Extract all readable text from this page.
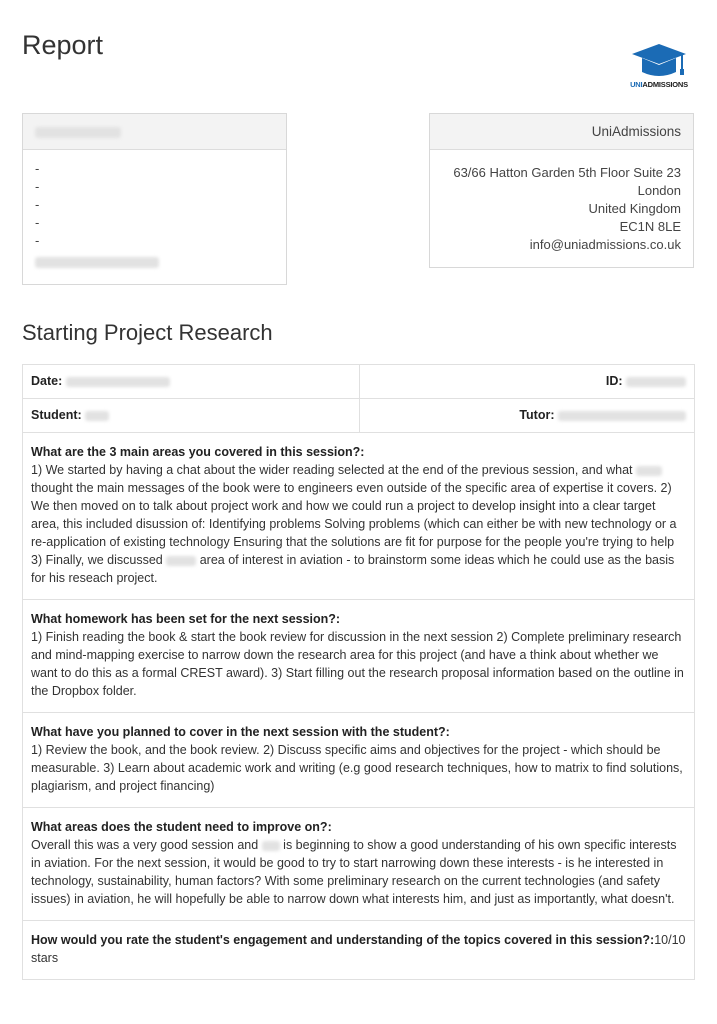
Report
UNIADMISSIONS
-
-
-
-
-
UniAdmissions
63/66 Hatton Garden 5th Floor Suite 23
London
United Kingdom
EC1N 8LE
info@uniadmissions.co.uk
Starting Project Research
Date:	ID:
Student:	Tutor:
What are the 3 main areas you covered in this session?:
1) We started by having a chat about the wider reading selected at the end of the previous session, and what  thought the main messages of the book were to engineers even outside of the specific area of expertise it covers. 2) We then moved on to talk about project work and how we could run a project to develop insight into a clear target area, this included disussion of: Identifying problems Solving problems (which can either be with new technology or a re-application of existing technology Ensuring that the solutions are fit for purpose for the people you're trying to help 3) Finally, we discussed	area of interest in aviation - to brainstorm some ideas which he could use as the basis for his reseach project.
What homework has been set for the next session?:
1) Finish reading the book & start the book review for discussion in the next session 2) Complete preliminary research and mind-mapping exercise to narrow down the research area for this project (and have a think about whether we want to do this as a formal CREST award). 3) Start filling out the research proposal information based on the outline in the Dropbox folder.
What have you planned to cover in the next session with the student?:
1) Review the book, and the book review. 2) Discuss specific aims and objectives for the project - which should be measurable. 3) Learn about academic work and writing (e.g good research techniques, how to matrix to find solutions, plagiarism, and project financing)
What areas does the student need to improve on?:
Overall this was a very good session and is beginning to show a good understanding of his own specific interests in aviation. For the next session, it would be good to try to start narrowing down these interests - is he interested in technology, sustainability, human factors? With some preliminary research on the current technologies (and safety issues) in aviation, he will hopefully be able to narrow down what interests him, and just as importantly, what doesn't.
How would you rate the student's engagement and understanding of the topics covered in this session?:10/10 stars
